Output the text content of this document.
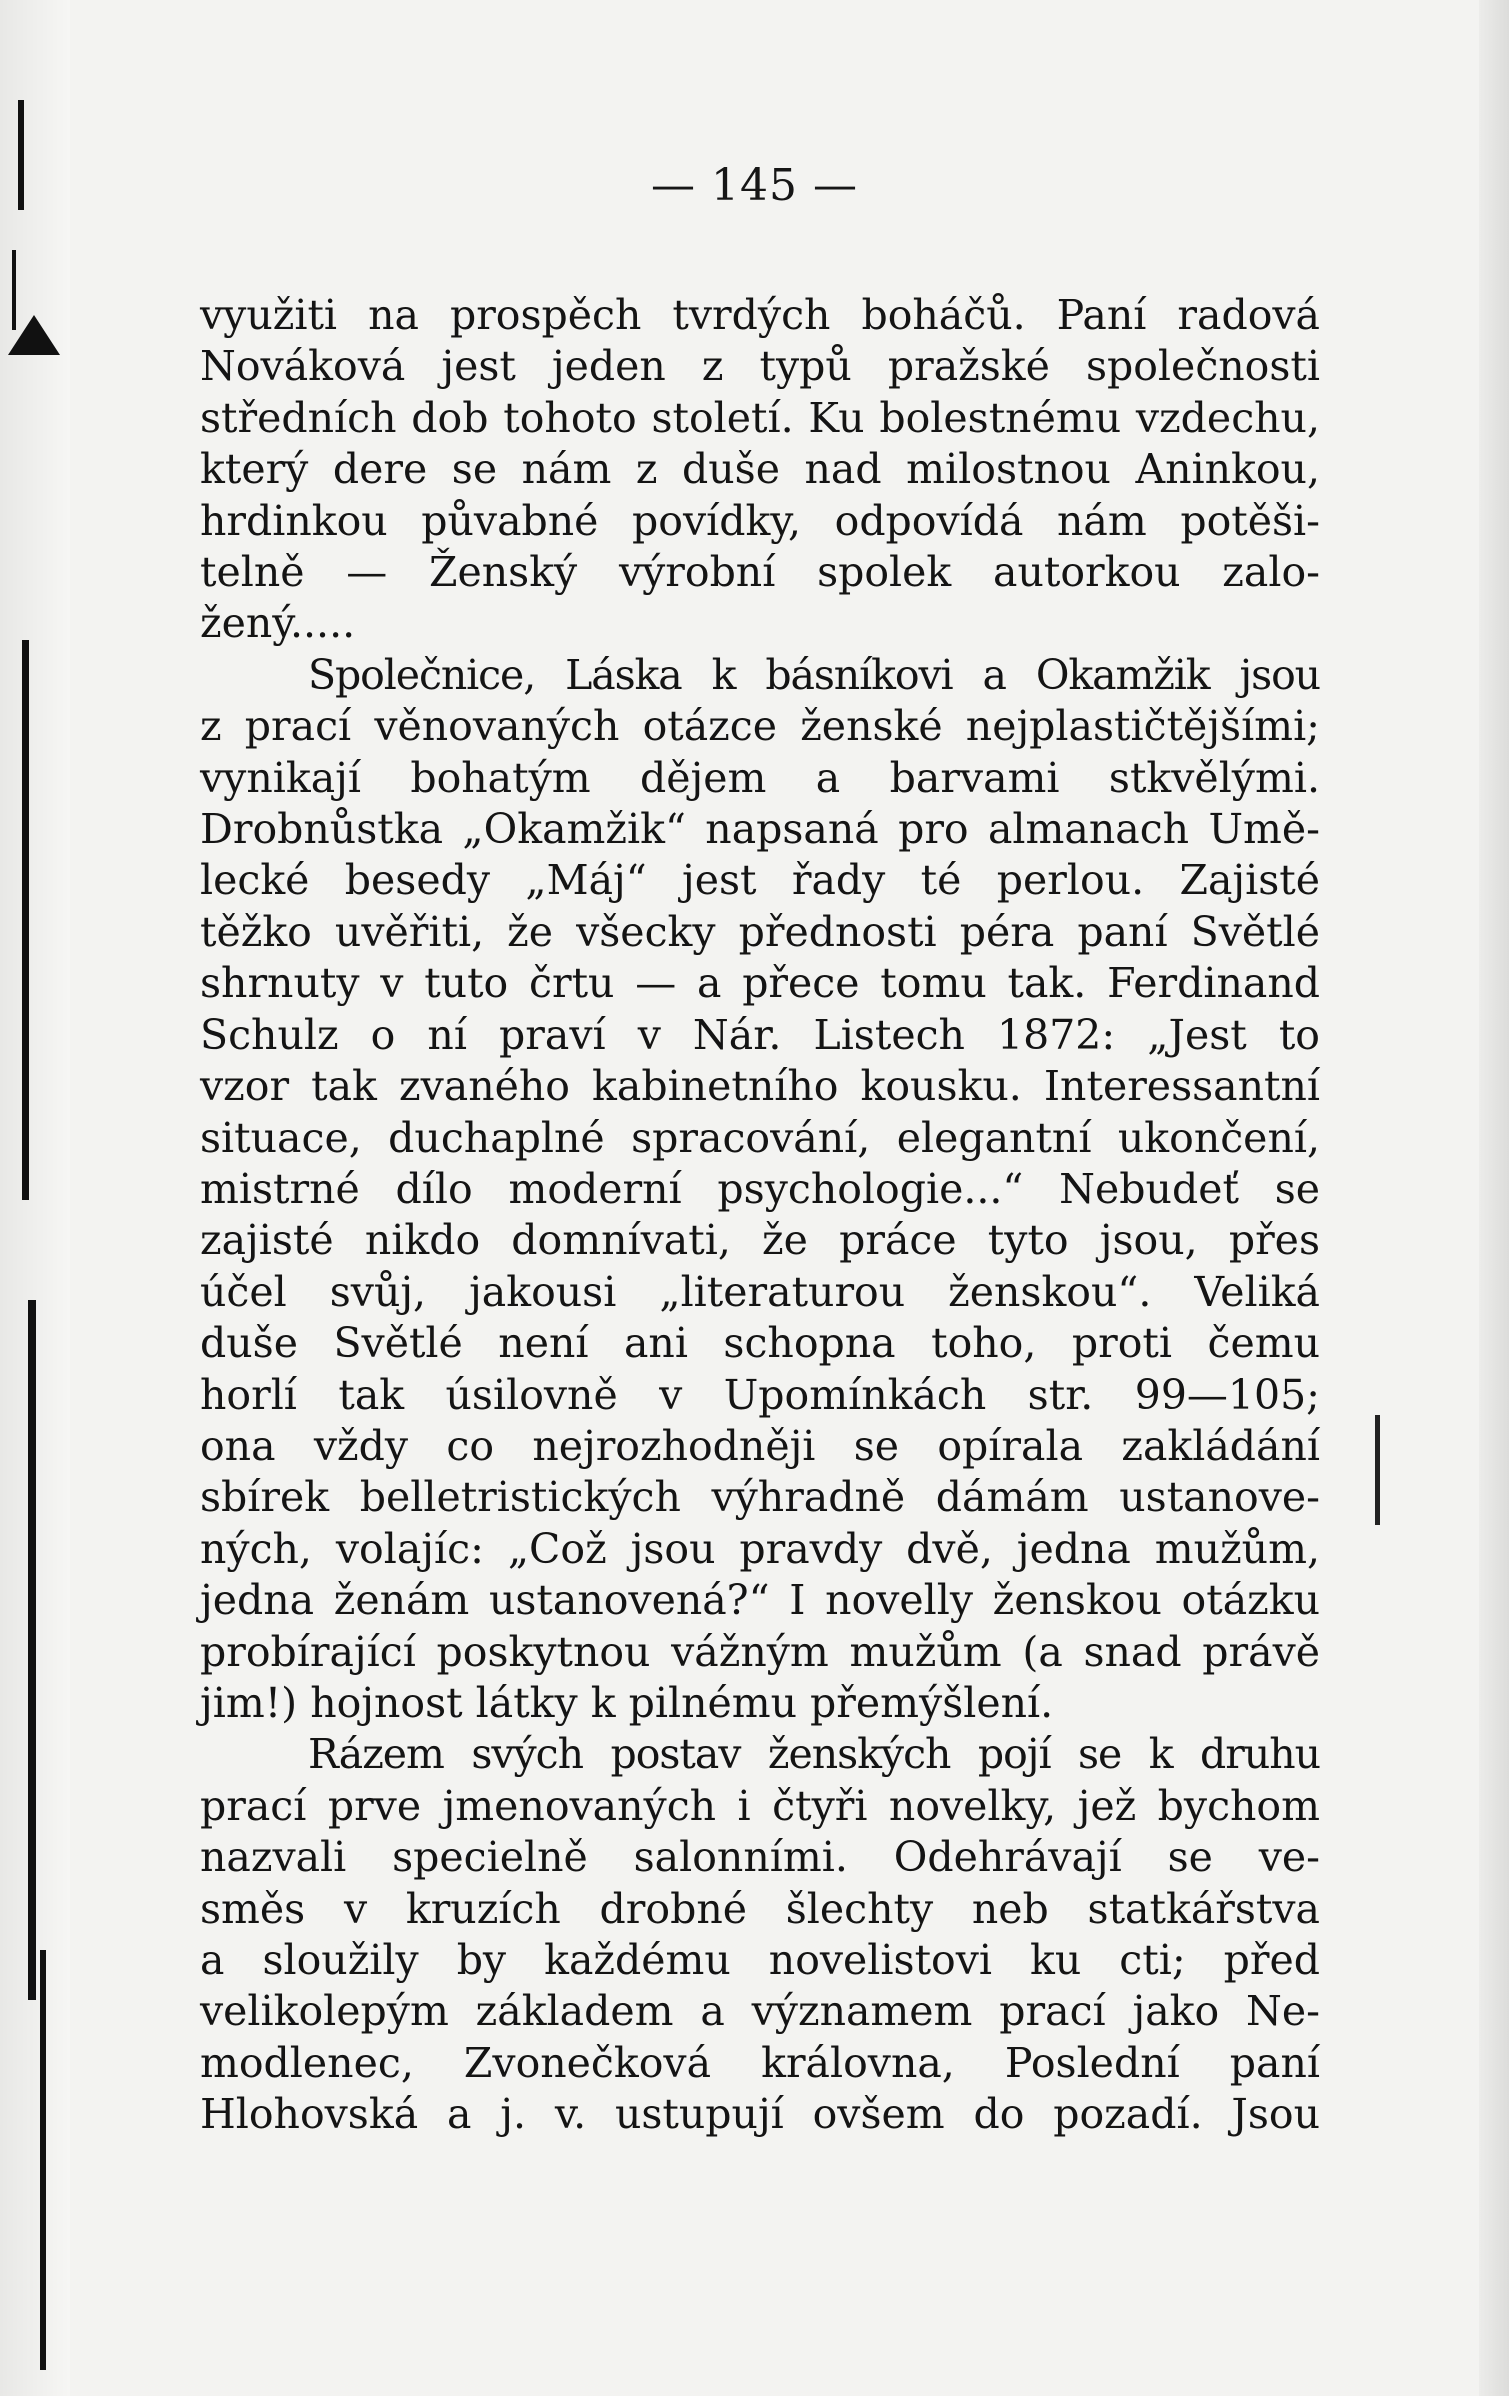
— 145 —
využiti na prospěch tvrdých boháčů. Paní radová
Nováková jest jeden z typů pražské společnosti
středních dob tohoto století. Ku bolestnému vzdechu,
který dere se nám z duše nad milostnou Aninkou,
hrdinkou půvabné povídky, odpovídá nám potěši-
telně — Ženský výrobní spolek autorkou zalo-
žený.....
Společnice, Láska k básníkovi a Okamžik jsou
z prací věnovaných otázce ženské nejplastičtějšími;
vynikají bohatým dějem a barvami stkvělými.
Drobnůstka „Okamžik“ napsaná pro almanach Umě-
lecké besedy „Máj“ jest řady té perlou. Zajisté
těžko uvěřiti, že všecky přednosti péra paní Světlé
shrnuty v tuto črtu — a přece tomu tak. Ferdinand
Schulz o ní praví v Nár. Listech 1872: „Jest to
vzor tak zvaného kabinetního kousku. Interessantní
situace, duchaplné spracování, elegantní ukončení,
mistrné dílo moderní psychologie...“ Nebudeť se
zajisté nikdo domnívati, že práce tyto jsou, přes
účel svůj, jakousi „literaturou ženskou“. Veliká
duše Světlé není ani schopna toho, proti čemu
horlí tak úsilovně v Upomínkách str. 99—105;
ona vždy co nejrozhodněji se opírala zakládání
sbírek belletristických výhradně dámám ustanove-
ných, volajíc: „Což jsou pravdy dvě, jedna mužům,
jedna ženám ustanovená?“ I novelly ženskou otázku
probírající poskytnou vážným mužům (a snad právě
jim!) hojnost látky k pilnému přemýšlení.
Rázem svých postav ženských pojí se k druhu
prací prve jmenovaných i čtyři novelky, jež bychom
nazvali specielně salonními. Odehrávají se ve-
směs v kruzích drobné šlechty neb statkářstva
a sloužily by každému novelistovi ku cti; před
velikolepým základem a významem prací jako Ne-
modlenec, Zvonečková královna, Poslední paní
Hlohovská a j. v. ustupují ovšem do pozadí. Jsou
